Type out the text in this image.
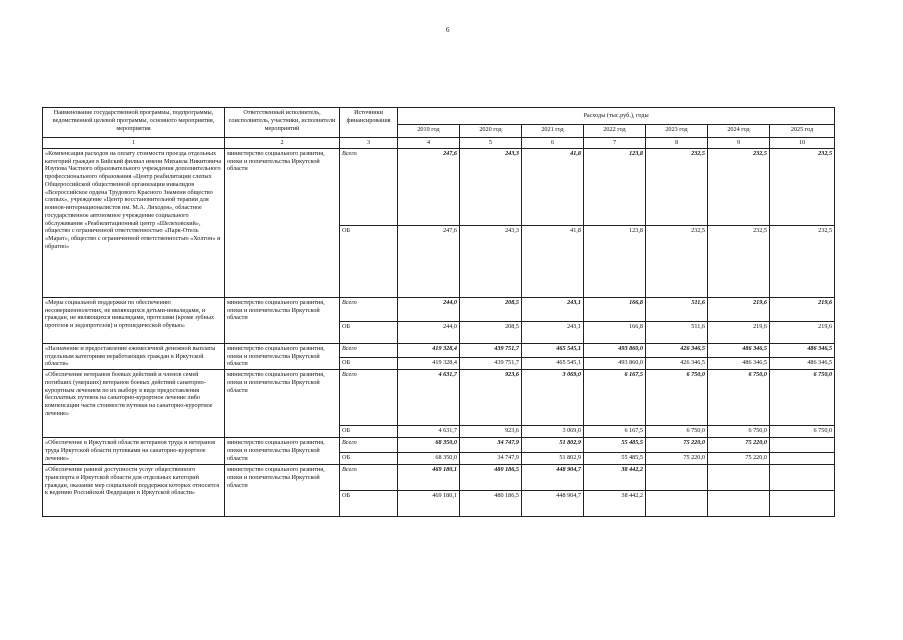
6
Наименование государственной программы, подпрограммы, ведомственной целевой программы, основного мероприятия, мероприятия	Ответственный исполнитель, соисполнитель, участники, исполнители мероприятий	Источники финансирования	Расходы (тыс.руб.), годы						
			2019 год	2020 год	2021 год	2022 год	2023 год	2024 год	2025 год
1	2	3	4	5	6	7	8	9	10
«Компенсация расходов на оплату стоимости проезда отдельных категорий граждан в Бийский филиал имени Михаила Никитовича Изупова Частного образовательного учреждения дополнительного профессионального образования «Центр реабилитации слепых Общероссийской общественной организации инвалидов «Всероссийское ордена Трудового Красного Знамени общество слепых», учреждение «Центр восстановительной терапии для воинов-интернационалистов им. М.А. Лиходея», областное государственное автономное учреждение социального обслуживания «Реабилитационный центр «Шелеховский», общество с ограниченной ответственностью «Парк-Отель «Марат», общество с ограниченной ответственностью «Холтон» и обратно»	министерство социального развития, опеки и попечительства Иркутской области	Всего	247,6	243,3	41,8	123,8	232,5	232,5	232,5
		ОБ	247,6	243,3	41,8	123,8	232,5	232,5	232,5
«Меры социальной поддержки по обеспечению несовершеннолетних, не являющихся детьми-инвалидами, и граждан, не являющихся инвалидами, протезами (кроме зубных протезов и эндопротезов) и ортопедической обувью»	министерство социального развития, опеки и попечительства Иркутской области	Всего	244,0	208,5	243,1	166,8	511,6	219,6	219,6
		ОБ	244,0	208,5	243,1	166,8	511,6	219,6	219,6
«Назначение и предоставление ежемесячной денежной выплаты отдельным категориям неработающих граждан в Иркутской области»	министерство социального развития, опеки и попечительства Иркутской области	Всего	419 328,4	439 751,7	465 545,1	493 860,0	426 346,5	486 346,5	486 346,5
		ОБ	419 328,4	439 751,7	465 545,1	493 860,0	426 346,5	486 346,5	486 346,5
«Обеспечение ветеранов боевых действий и членов семей погибших (умерших) ветеранов боевых действий санаторно-курортным лечением по их выбору в виде предоставления бесплатных путевок на санаторно-курортное лечение либо компенсации части стоимости путевки на санаторно-курортное лечение»	министерство социального развития, опеки и попечительства Иркутской области	Всего	4 631,7	923,6	3 069,0	6 167,5	6 750,0	6 750,0	6 750,0
		ОБ	4 631,7	923,6	3 069,0	6 167,5	6 750,0	6 750,0	6 750,0
«Обеспечение в Иркутской области ветеранов труда и ветеранов труда Иркутской области путевками на санаторно-курортное лечение»	министерство социального развития, опеки и попечительства Иркутской области	Всего	68 350,0	34 747,9	51 802,9	55 485,5	75 220,0	75 220,0	
		ОБ	68 350,0	34 747,9	51 802,9	55 485,5	75 220,0	75 220,0	
«Обеспечение равной доступности услуг общественного транспорта в Иркутской области для отдельных категорий граждан, оказание мер социальной поддержки которых относится к ведению Российской Федерации и Иркутской области»	министерство социального развития, опеки и попечительства Иркутской области	Всего	469 180,1	480 186,5	448 904,7	38 442,2			
		ОБ	469 180,1	480 186,5	448 904,7	38 442,2			
